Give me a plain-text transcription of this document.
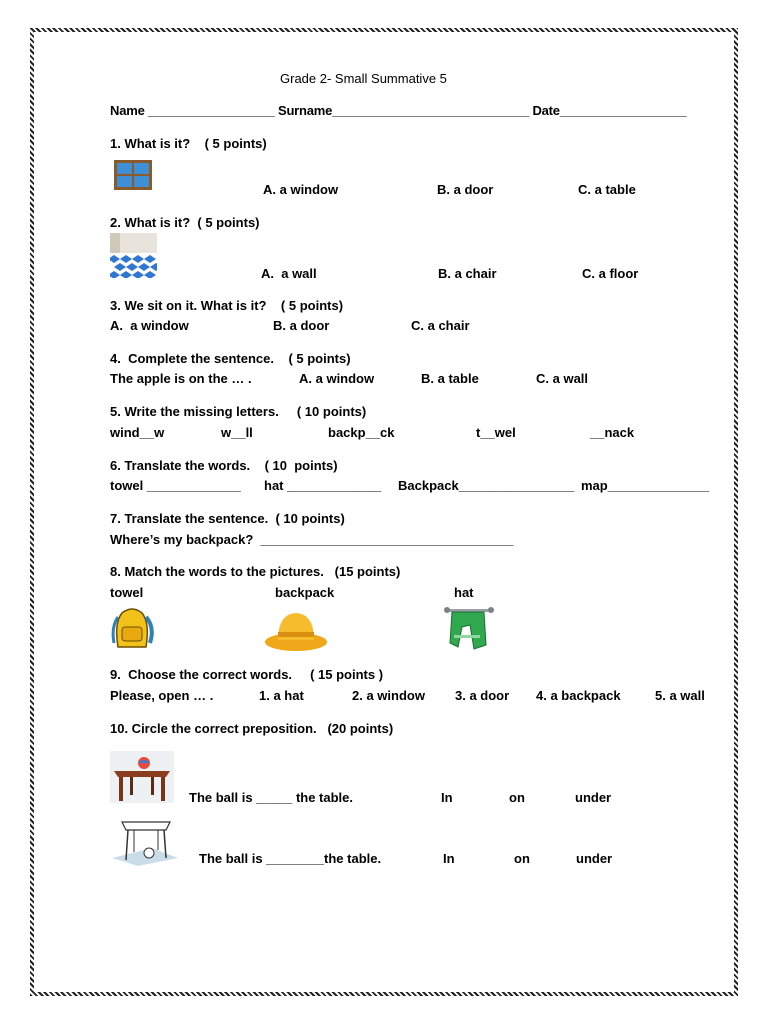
Grade 2- Small Summative 5
Name __________________ Surname____________________________ Date__________________
1. What is it?    ( 5 points)
A. a window	B. a door	C. a table
2. What is it?  ( 5 points)
A.  a wall	B. a chair	C. a floor
3. We sit on it. What is it?    ( 5 points)
A.  a window	B. a door	C. a chair
4.  Complete the sentence.    ( 5 points)
The apple is on the … .	A. a window	B. a table	C. a wall
5. Write the missing letters.     ( 10 points)
wind__w	w__ll	backp__ck	t__wel	__nack
6. Translate the words.    ( 10  points)
towel _____________ hat _____________ Backpack________________ map______________
7. Translate the sentence.  ( 10 points)
Where’s my backpack?  ___________________________________
8. Match the words to the pictures.   (15 points)
towel	backpack	hat
9.  Choose the correct words.     ( 15 points )
Please, open … .	1. a hat	2. a window 3. a door 4. a backpack	5. a wall
10. Circle the correct preposition.   (20 points)
The ball is _____ the table.	In	on	under
The ball is ________the table.	In	on	under
